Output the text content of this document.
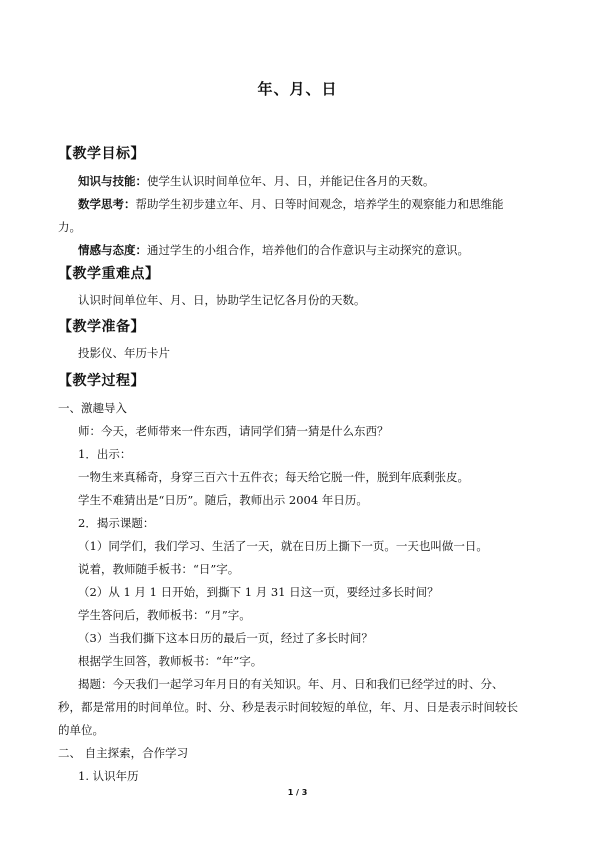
年、月、日
【教学目标】
知识与技能：使学生认识时间单位年、月、日，并能记住各月的天数。
数学思考：帮助学生初步建立年、月、日等时间观念，培养学生的观察能力和思维能
力。
情感与态度：通过学生的小组合作，培养他们的合作意识与主动探究的意识。
【教学重难点】
认识时间单位年、月、日，协助学生记忆各月份的天数。
【教学准备】
投影仪、年历卡片
【教学过程】
一、激趣导入
师：今天，老师带来一件东西，请同学们猜一猜是什么东西？
1．出示：
一物生来真稀奇，身穿三百六十五件衣；每天给它脱一件，脱到年底剩张皮。
学生不难猜出是“日历”。随后，教师出示 2004 年日历。
2．揭示课题：
（1）同学们，我们学习、生活了一天，就在日历上撕下一页。一天也叫做一日。
说着，教师随手板书：“日”字。
（2）从 1 月 1 日开始，到撕下 1 月 31 日这一页，要经过多长时间？
学生答问后，教师板书：“月”字。
（3）当我们撕下这本日历的最后一页，经过了多长时间？
根据学生回答，教师板书：“年”字。
揭题：今天我们一起学习年月日的有关知识。年、月、日和我们已经学过的时、分、
秒，都是常用的时间单位。时、分、秒是表示时间较短的单位，年、月、日是表示时间较长
的单位。
二、 自主探索，合作学习
1. 认识年历
1 / 3
